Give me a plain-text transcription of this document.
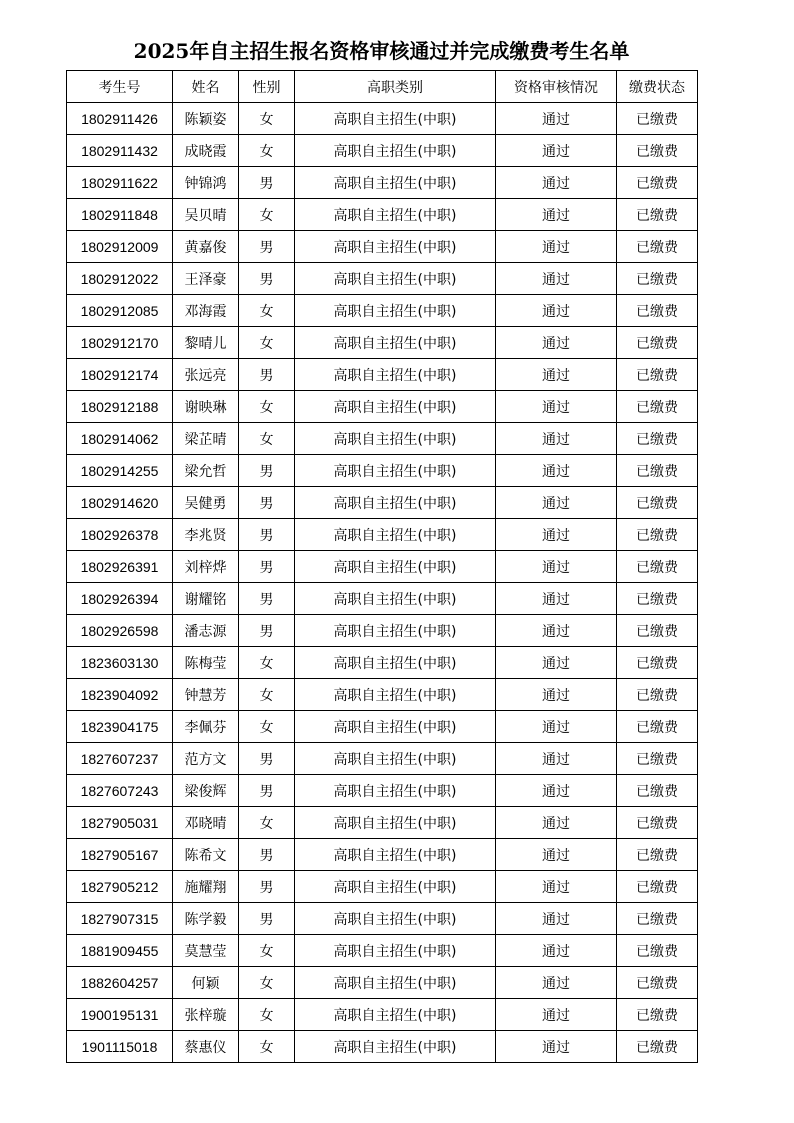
2025年自主招生报名资格审核通过并完成缴费考生名单
考生号	姓名	性别	高职类别	资格审核情况	缴费状态
1802911426	陈颖姿	女	高职自主招生(中职)	通过	已缴费
1802911432	成晓霞	女	高职自主招生(中职)	通过	已缴费
1802911622	钟锦鸿	男	高职自主招生(中职)	通过	已缴费
1802911848	吴贝晴	女	高职自主招生(中职)	通过	已缴费
1802912009	黄嘉俊	男	高职自主招生(中职)	通过	已缴费
1802912022	王泽豪	男	高职自主招生(中职)	通过	已缴费
1802912085	邓海霞	女	高职自主招生(中职)	通过	已缴费
1802912170	黎晴儿	女	高职自主招生(中职)	通过	已缴费
1802912174	张远亮	男	高职自主招生(中职)	通过	已缴费
1802912188	谢映琳	女	高职自主招生(中职)	通过	已缴费
1802914062	梁芷晴	女	高职自主招生(中职)	通过	已缴费
1802914255	梁允哲	男	高职自主招生(中职)	通过	已缴费
1802914620	吴健勇	男	高职自主招生(中职)	通过	已缴费
1802926378	李兆贤	男	高职自主招生(中职)	通过	已缴费
1802926391	刘梓烨	男	高职自主招生(中职)	通过	已缴费
1802926394	谢耀铭	男	高职自主招生(中职)	通过	已缴费
1802926598	潘志源	男	高职自主招生(中职)	通过	已缴费
1823603130	陈梅莹	女	高职自主招生(中职)	通过	已缴费
1823904092	钟慧芳	女	高职自主招生(中职)	通过	已缴费
1823904175	李佩芬	女	高职自主招生(中职)	通过	已缴费
1827607237	范方文	男	高职自主招生(中职)	通过	已缴费
1827607243	梁俊辉	男	高职自主招生(中职)	通过	已缴费
1827905031	邓晓晴	女	高职自主招生(中职)	通过	已缴费
1827905167	陈希文	男	高职自主招生(中职)	通过	已缴费
1827905212	施耀翔	男	高职自主招生(中职)	通过	已缴费
1827907315	陈学毅	男	高职自主招生(中职)	通过	已缴费
1881909455	莫慧莹	女	高职自主招生(中职)	通过	已缴费
1882604257	何颖	女	高职自主招生(中职)	通过	已缴费
1900195131	张梓璇	女	高职自主招生(中职)	通过	已缴费
1901115018	蔡惠仪	女	高职自主招生(中职)	通过	已缴费
